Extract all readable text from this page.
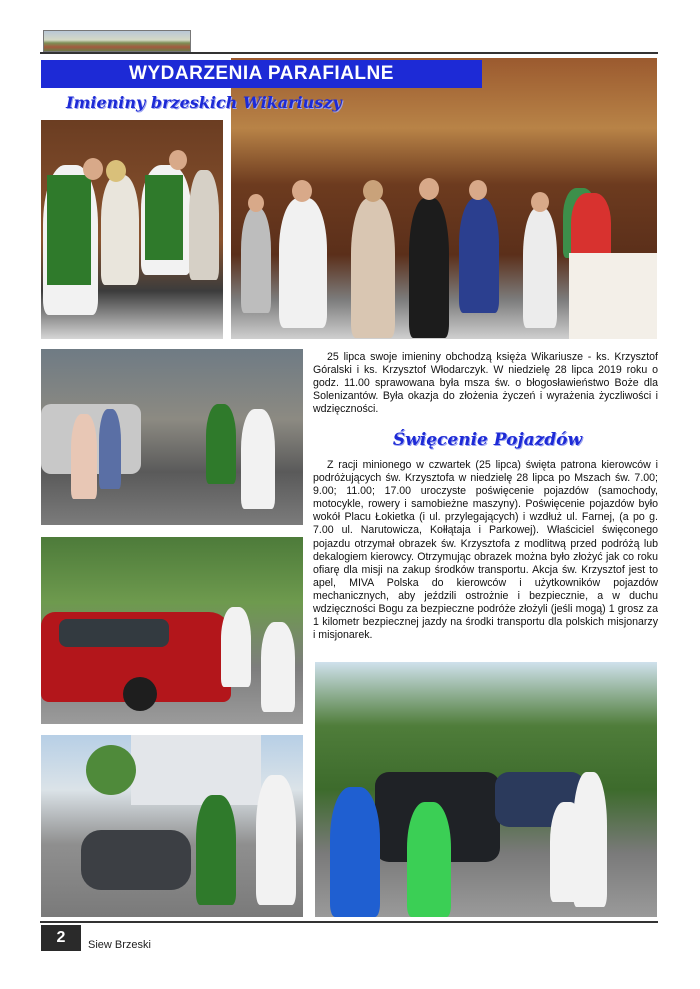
WYDARZENIA PARAFIALNE
Imieniny brzeskich Wikariuszy
25 lipca swoje imieniny obchodzą księża Wikariusze - ks. Krzysztof Góralski i ks. Krzysztof Włodarczyk. W niedzielę 28 lipca 2019 roku o godz. 11.00 sprawowana była msza św. o błogosławieństwo Boże dla Solenizantów. Była okazja do złożenia życzeń i wyrażenia życzliwości i wdzięczności.
Święcenie Pojazdów
Z racji minionego w czwartek (25 lipca) święta patrona kierowców i podróżujących św. Krzysztofa w niedzielę 28 lipca po Mszach św. 7.00; 9.00; 11.00; 17.00 uroczyste poświęcenie pojazdów (samochody, motocykle, rowery i samobieżne maszyny). Poświęcenie pojazdów było wokół Placu Łokietka (i ul. przylegających) i wzdłuż ul. Farnej, (a po g. 7.00 ul. Narutowicza, Kołłątaja i Parkowej). Właściciel święconego pojazdu otrzymał obrazek św. Krzysztofa z modlitwą przed podróżą lub dekalogiem kierowcy. Otrzymując obrazek można było złożyć jak co roku ofiarę dla misji na zakup środków transportu. Akcja św. Krzysztof jest to apel, MIVA Polska do kierowców i użytkowników pojazdów mechanicznych, aby jeździli ostrożnie i bezpiecznie, a w duchu wdzięczności Bogu za bezpieczne podróże złożyli (jeśli mogą) 1 grosz za 1 kilometr bezpiecznej jazdy na środki transportu dla polskich misjonarzy i misjonarek.
2	Siew Brzeski
